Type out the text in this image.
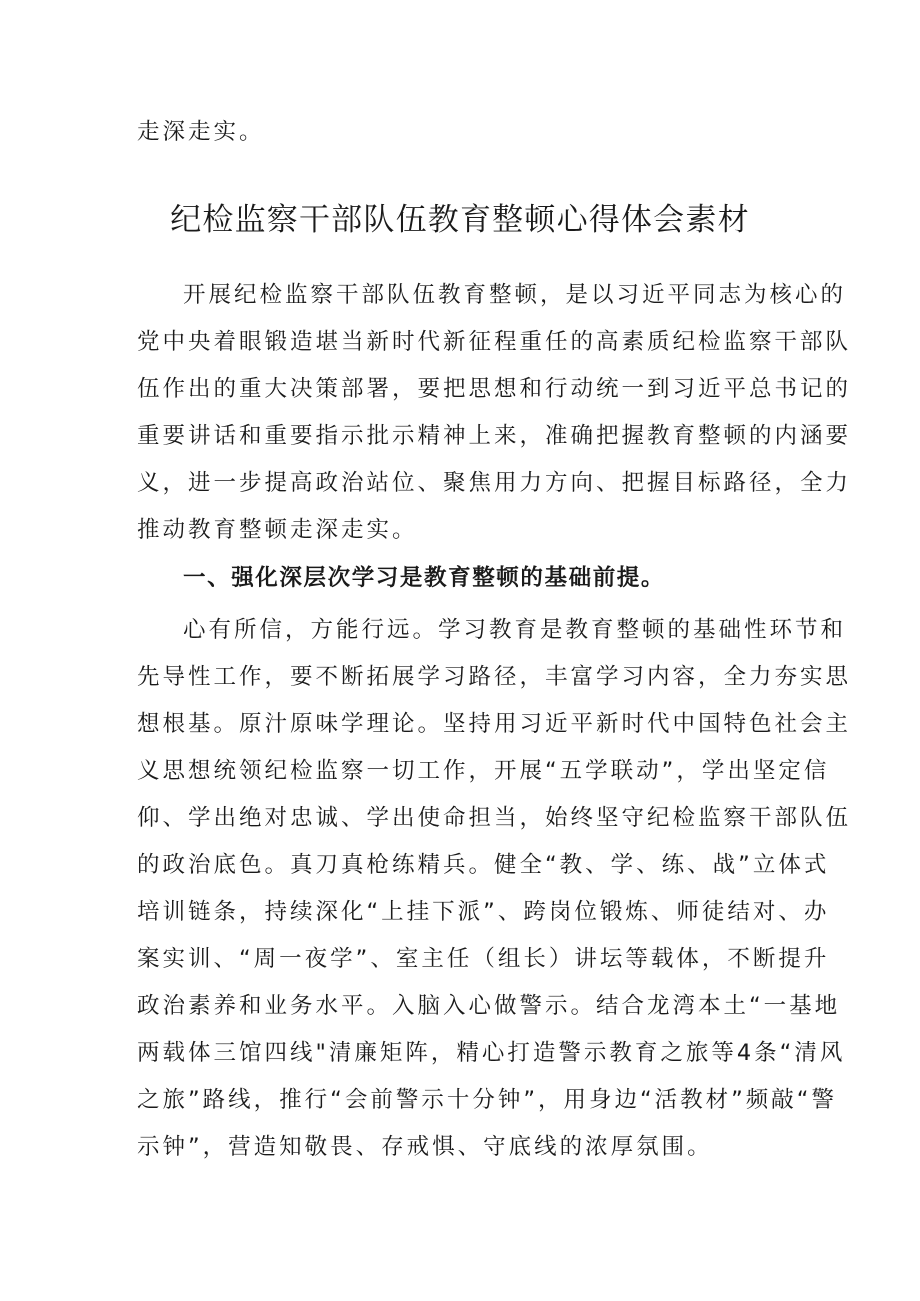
走深走实。
纪检监察干部队伍教育整顿心得体会素材
开展纪检监察干部队伍教育整顿，是以习近平同志为核心的
党中央着眼锻造堪当新时代新征程重任的高素质纪检监察干部队
伍作出的重大决策部署，要把思想和行动统一到习近平总书记的
重要讲话和重要指示批示精神上来，准确把握教育整顿的内涵要
义，进一步提高政治站位、聚焦用力方向、把握目标路径，全力
推动教育整顿走深走实。
一、强化深层次学习是教育整顿的基础前提。
心有所信，方能行远。学习教育是教育整顿的基础性环节和
先导性工作，要不断拓展学习路径，丰富学习内容，全力夯实思
想根基。原汁原味学理论。坚持用习近平新时代中国特色社会主
义思想统领纪检监察一切工作，开展“五学联动”，学出坚定信
仰、学出绝对忠诚、学出使命担当，始终坚守纪检监察干部队伍
的政治底色。真刀真枪练精兵。健全“教、学、练、战”立体式
培训链条，持续深化“上挂下派”、跨岗位锻炼、师徒结对、办
案实训、“周一夜学”、室主任（组长）讲坛等载体，不断提升
政治素养和业务水平。入脑入心做警示。结合龙湾本土“一基地
两载体三馆四线"清廉矩阵，精心打造警示教育之旅等4条“清风
之旅”路线，推行“会前警示十分钟”，用身边“活教材”频敲“警
示钟”，营造知敬畏、存戒惧、守底线的浓厚氛围。
